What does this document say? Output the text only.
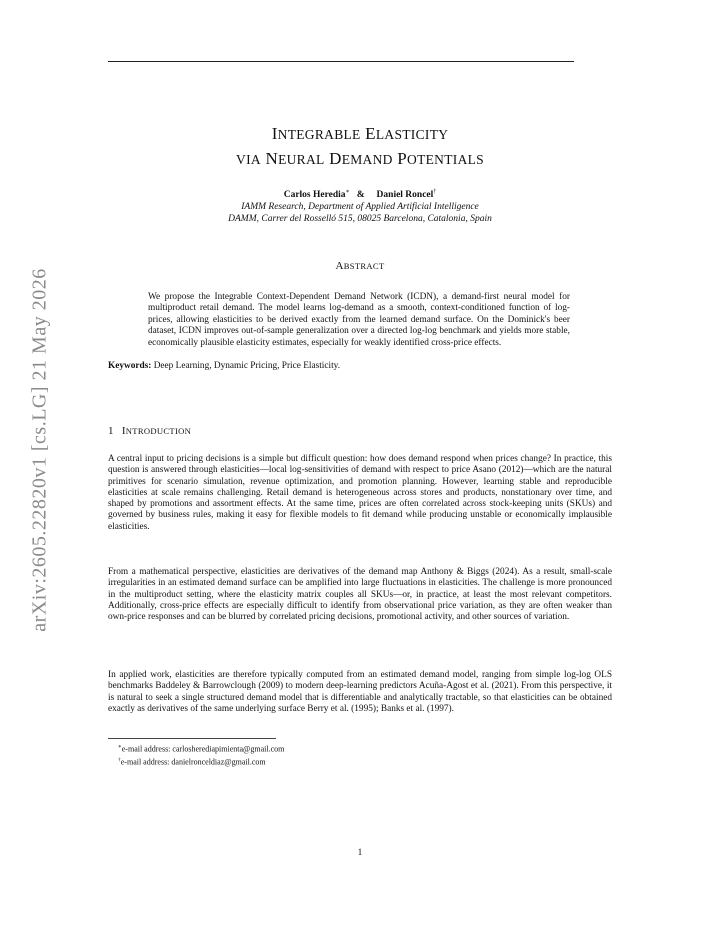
arXiv:2605.22820v1 [cs.LG] 21 May 2026
INTEGRABLE ELASTICITY
VIA NEURAL DEMAND POTENTIALS
Carlos Heredia∗ & Daniel Roncel†
IAMM Research, Department of Applied Artificial Intelligence
DAMM, Carrer del Rosselló 515, 08025 Barcelona, Catalonia, Spain
ABSTRACT

We propose the Integrable Context-Dependent Demand Network (ICDN), a demand-first neural model for multiproduct retail demand. The model learns log-demand as a smooth, context-conditioned function of log-prices, allowing elasticities to be derived exactly from the learned demand surface. On the Dominick's beer dataset, ICDN improves out-of-sample generalization over a directed log-log benchmark and yields more stable, economically plausible elasticity estimates, especially for weakly identified cross-price effects.

Keywords: Deep Learning, Dynamic Pricing, Price Elasticity.
1 INTRODUCTION

A central input to pricing decisions is a simple but difficult question: how does demand respond when prices change? In practice, this question is answered through elasticities—local log-sensitivities of demand with respect to price Asano (2012)—which are the natural primitives for scenario simulation, revenue optimization, and promotion planning. However, learning stable and reproducible elasticities at scale remains challenging. Retail demand is heterogeneous across stores and products, nonstationary over time, and shaped by promotions and assortment effects. At the same time, prices are often correlated across stock-keeping units (SKUs) and governed by business rules, making it easy for flexible models to fit demand while producing unstable or economically implausible elasticities.

From a mathematical perspective, elasticities are derivatives of the demand map Anthony & Biggs (2024). As a result, small-scale irregularities in an estimated demand surface can be amplified into large fluctuations in elasticities. The challenge is more pronounced in the multiproduct setting, where the elasticity matrix couples all SKUs—or, in practice, at least the most relevant competitors. Additionally, cross-price effects are especially difficult to identify from observational price variation, as they are often weaker than own-price responses and can be blurred by correlated pricing decisions, promotional activity, and other sources of variation.

In applied work, elasticities are therefore typically computed from an estimated demand model, ranging from simple log-log OLS benchmarks Baddeley & Barrowclough (2009) to modern deep-learning predictors Acuña-Agost et al. (2021). From this perspective, it is natural to seek a single structured demand model that is differentiable and analytically tractable, so that elasticities can be obtained exactly as derivatives of the same underlying surface Berry et al. (1995); Banks et al. (1997).

∗e-mail address: carlosherediapimienta@gmail.com
†e-mail address: danielronceldiaz@gmail.com
1
